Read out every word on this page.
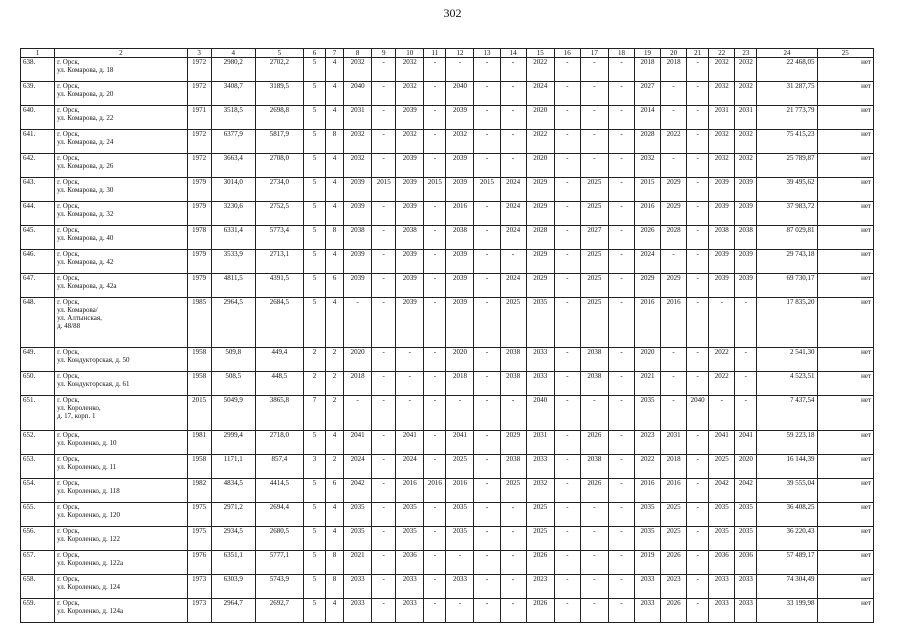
302
1	2	3	4	5	6	7	8	9	10	11	12	13	14	15	16	17	18	19	20	21	22	23	24	25
638.	г. Орск,
ул. Комарова, д. 18	1972	2980,2	2702,2	5	4	2032	-	2032	-	-	-	-	2022	-	-	-	2018	2018	-	2032	2032	22 468,05	нет
639.	г. Орск,
ул. Комарова, д. 20	1972	3408,7	3189,5	5	4	2040	-	2032	-	2040	-	-	2024	-	-	-	2027	-	-	2032	2032	31 287,75	нет
640.	г. Орск,
ул. Комарова, д. 22	1971	3518,5	2698,8	5	4	2031	-	2039	-	2039	-	-	2020	-	-	-	2014	-	-	2031	2031	21 773,79	нет
641.	г. Орск,
ул. Комарова, д. 24	1972	6377,9	5817,9	5	8	2032	-	2032	-	2032	-	-	2022	-	-	-	2028	2022	-	2032	2032	75 415,23	нет
642.	г. Орск,
ул. Комарова, д. 26	1972	3663,4	2708,0	5	4	2032	-	2039	-	2039	-	-	2020	-	-	-	2032	-	-	2032	2032	25 789,87	нет
643.	г. Орск,
ул. Комарова, д. 30	1979	3014,0	2734,0	5	4	2039	2015	2039	2015	2039	2015	2024	2029	-	2025	-	2015	2029	-	2039	2039	39 495,62	нет
644.	г. Орск,
ул. Комарова, д. 32	1979	3230,6	2752,5	5	4	2039	-	2039	-	2016	-	2024	2029	-	2025	-	2016	2029	-	2039	2039	37 983,72	нет
645.	г. Орск,
ул. Комарова, д. 40	1978	6331,4	5773,4	5	8	2038	-	2038	-	2038	-	2024	2028	-	2027	-	2026	2028	-	2038	2038	87 029,81	нет
646.	г. Орск,
ул. Комарова, д. 42	1979	3533,9	2713,1	5	4	2039	-	2039	-	2039	-	-	2029	-	2025	-	2024	-	-	2039	2039	29 743,18	нет
647.	г. Орск,
ул. Комарова, д. 42а	1979	4811,5	4391,5	5	6	2039	-	2039	-	2039	-	2024	2029	-	2025	-	2029	2029	-	2039	2039	69 730,17	нет
648.	г. Орск,
ул. Комарова/
ул. Алтынская,
д. 48/88	1985	2964,5	2684,5	5	4	-	-	2039	-	2039	-	2025	2035	-	2025	-	2016	2016	-	-	-	17 835,20	нет
649.	г. Орск,
ул. Кондукторская, д. 50	1958	509,8	449,4	2	2	2020	-	-	-	2020	-	2038	2033	-	2038	-	2020	-	-	2022	-	2 541,30	нет
650.	г. Орск,
ул. Кондукторская, д. 61	1958	508,5	448,5	2	2	2018	-	-	-	2018	-	2038	2033	-	2038	-	2021	-	-	2022	-	4 523,51	нет
651.	г. Орск,
ул. Короленко,
д. 17, корп. 1	2015	5049,9	3865,8	7	2	-	-	-	-	-	-	-	2040	-	-	-	2035	-	2040	-	-	7 437,54	нет
652.	г. Орск,
ул. Короленко, д. 10	1981	2999,4	2718,0	5	4	2041	-	2041	-	2041	-	2029	2031	-	2026	-	2023	2031	-	2041	2041	59 223,18	нет
653.	г. Орск,
ул. Короленко, д. 11	1958	1171,1	857,4	3	2	2024	-	2024	-	2025	-	2038	2033	-	2038	-	2022	2018	-	2025	2020	16 144,39	нет
654.	г. Орск,
ул. Короленко, д. 118	1982	4834,5	4414,5	5	6	2042	-	2016	2016	2016	-	2025	2032	-	2026	-	2016	2016	-	2042	2042	39 555,04	нет
655.	г. Орск,
ул. Короленко, д. 120	1975	2971,2	2694,4	5	4	2035	-	2035	-	2035	-	-	2025	-	-	-	2035	2025	-	2035	2035	36 408,25	нет
656.	г. Орск,
ул. Короленко, д. 122	1975	2934,5	2680,5	5	4	2035	-	2035	-	2035	-	-	2025	-	-	-	2035	2025	-	2035	2035	36 220,43	нет
657.	г. Орск,
ул. Короленко, д. 122а	1976	6351,1	5777,1	5	8	2021	-	2036	-	-	-	-	2026	-	-	-	2019	2026	-	2036	2036	57 489,17	нет
658.	г. Орск,
ул. Короленко, д. 124	1973	6303,9	5743,9	5	8	2033	-	2033	-	2033	-	-	2023	-	-	-	2033	2023	-	2033	2033	74 304,49	нет
659.	г. Орск,
ул. Короленко, д. 124а	1973	2964,7	2692,7	5	4	2033	-	2033	-	-	-	-	2026	-	-	-	2033	2026	-	2033	2033	33 199,98	нет
